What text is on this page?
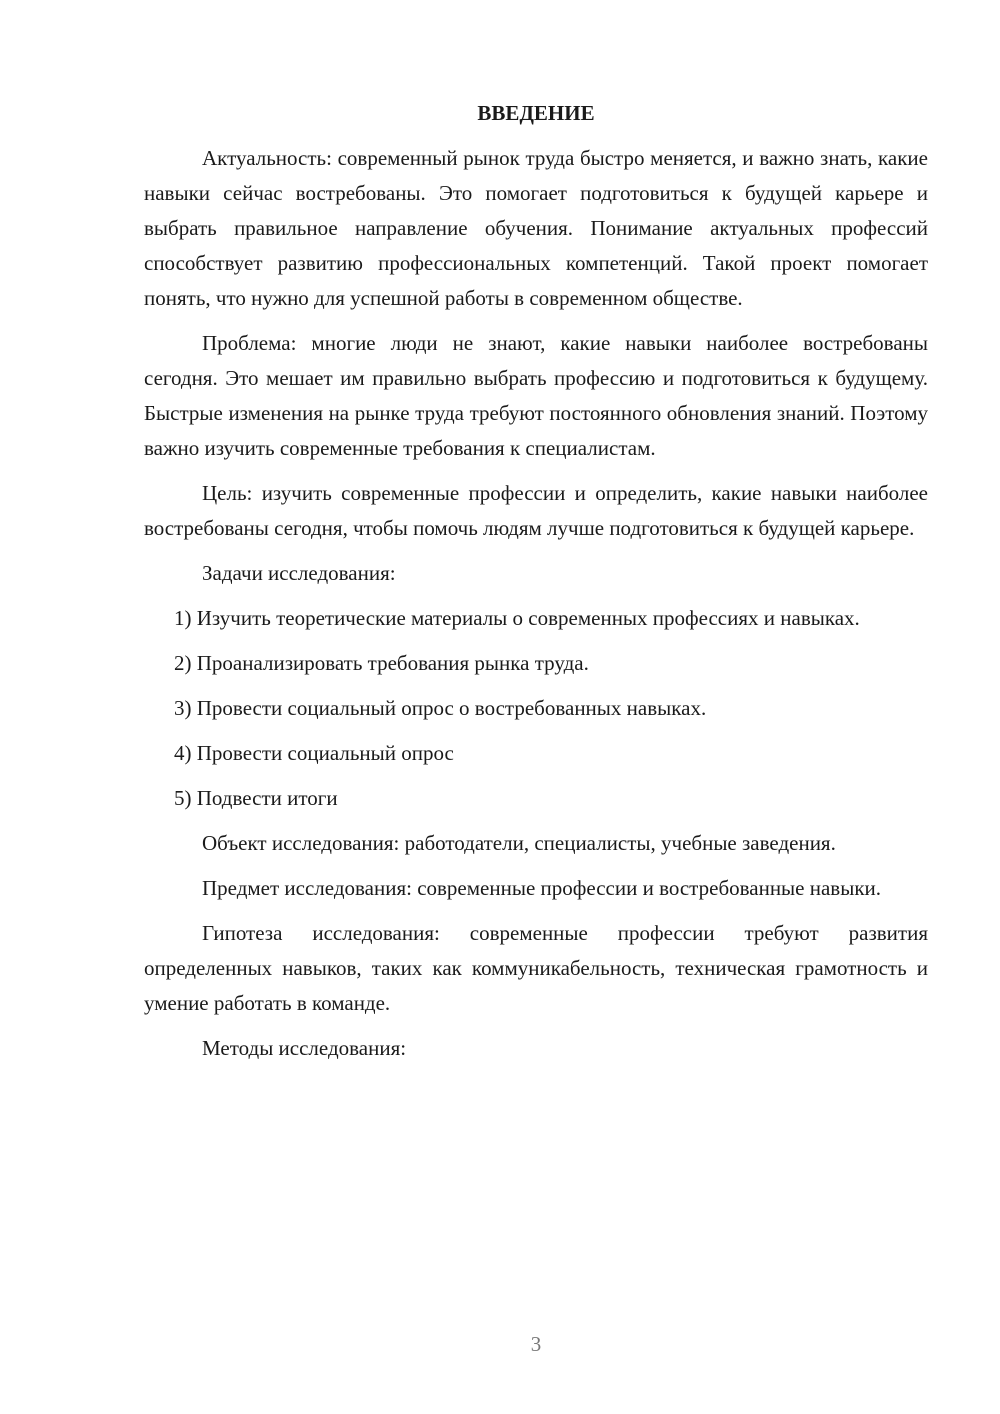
ВВЕДЕНИЕ
Актуальность: современный рынок труда быстро меняется, и важно знать, какие навыки сейчас востребованы. Это помогает подготовиться к будущей карьере и выбрать правильное направление обучения. Понимание актуальных профессий способствует развитию профессиональных компетенций. Такой проект помогает понять, что нужно для успешной работы в современном обществе.
Проблема: многие люди не знают, какие навыки наиболее востребованы сегодня. Это мешает им правильно выбрать профессию и подготовиться к будущему. Быстрые изменения на рынке труда требуют постоянного обновления знаний. Поэтому важно изучить современные требования к специалистам.
Цель: изучить современные профессии и определить, какие навыки наиболее востребованы сегодня, чтобы помочь людям лучше подготовиться к будущей карьере.
Задачи исследования:
1) Изучить теоретические материалы о современных профессиях и навыках.
2) Проанализировать требования рынка труда.
3) Провести социальный опрос о востребованных навыках.
4) Провести социальный опрос
5) Подвести итоги
Объект исследования: работодатели, специалисты, учебные заведения.
Предмет исследования: современные профессии и востребованные навыки.
Гипотеза исследования: современные профессии требуют развития определенных навыков, таких как коммуникабельность, техническая грамотность и умение работать в команде.
Методы исследования:
3
